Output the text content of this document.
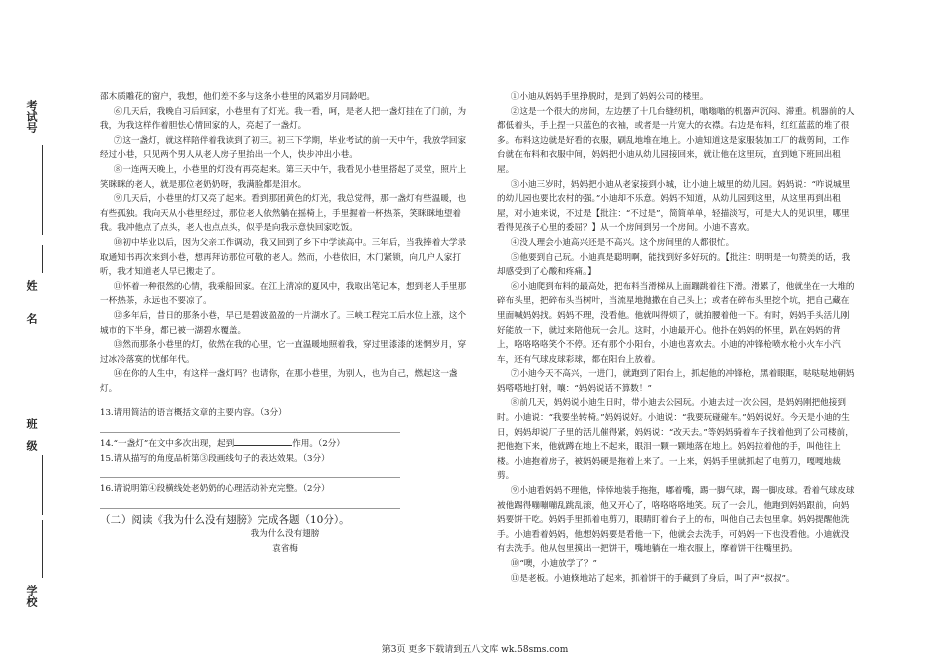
考试号
姓　　名
班　级
学校

邵木质雕花的窗户，我想，他们差不多与这条小巷里的风霜岁月同龄吧。

⑥几天后，我晚自习后回家，小巷里有了灯光。我一看，呵，是老人把一盏灯挂在了门前，为我，为我这样作着胆怯心情回家的人，亮起了一盏灯。

⑦这一盏灯，就这样陪伴着我读到了初三。初三下学期，毕业考试的前一天中午，我放学回家经过小巷，只见两个男人从老人房子里抬出一个人，快步冲出小巷。

⑧一连两天晚上，小巷里的灯没有再亮起来。第三天中午，我看见小巷里搭起了灵堂，照片上笑眯眯的老人，就是那位老奶奶呀，我满脸都是泪水。

⑨几天后，小巷里的灯又亮了起来。看到那团黄色的灯光，我总觉得，那一盏灯有些温暖，也有些孤独。我向天从小巷里经过，那位老人依然躺在摇椅上，手里握着一杯热茶，笑眯眯地望着我。我冲他点了点头，老人也点点头，似乎是向我示意快回家吃饭。

⑩初中毕业以后，因为父亲工作调动，我又回到了乡下中学读高中。三年后，当我捧着大学录取通知书再次来到小巷，想再拜访那位可敬的老人。然而，小巷依旧，木门紧锁，向几户人家打听，我才知道老人早已搬走了。

⑪怀着一种很然的心情，我乘船回家。在江上清凉的夏风中，我取出笔记本，想到老人手里那一杯热茶，永远也不要凉了。

⑫多年后，昔日的那条小巷，早已是碧波盈盈的一片湖水了。三峡工程完工后水位上涨，这个城市的下半身，都已被一湖碧水覆盖。

⑬然而那条小巷里的灯，依然在我的心里，它一直温暖地照着我，穿过里漆漆的迷惘岁月，穿过冰冷落寞的忧郁年代。

⑭在你的人生中，有这样一盏灯吗？也请你，在那小巷里，为别人，也为自己，燃起这一盏灯。

13.请用简洁的语言概括文章的主要内容。（3分）

14.“一盏灯”在文中多次出现，起到	作用。（2分）

15.请从描写的角度品析第③段画线句子的表达效果。（3分）

16.请说明第④段横线处老奶奶的心理活动补充完整。（2分）

（二）阅读《我为什么没有翅膀》完成各题（10分）。

我为什么没有翅膀

袁省梅

①小迪从妈妈手里挣脱时，是到了妈妈公司的楼里。

②这是一个很大的房间，左边摆了十几台缝纫机，嗡嗡嗡的机器声沉闷、滞重。机器前的人都低着头，手上捏一只蓝色的衣袖，或者是一片宽大的衣襟。右边是布料，红红蓝蓝的堆了很多。布料这边就是好看的衣服，刷乱地堆在地上。小迪知道这是家服装加工厂的裁剪间，工作台就在布料和衣服中间，妈妈把小迪从幼儿园接回来，就让他在这里玩，直到她下班回出租屋。

③小迪三岁时，妈妈把小迪从老家接到小城，让小迪上城里的幼儿园。妈妈说：“咋说城里的幼儿园也要比农村的强。”小迪却不乐意。妈妈不知道，从幼儿园到这里，从这里再到出租屋，对小迪来说，不过是【批注：“不过是”，简简单单，轻描淡写，可是大人的见识里，哪里看得见孩子心里的委屈？】从一个房间到另一个房间。小迪不喜欢。

④没人理会小迪高兴还是不高兴。这个房间里的人都很忙。

⑤他要到自己玩。小迪真是聪明啊，能找到好多好玩的。【批注：明明是一句赞美的话，我却感受到了心酸和疼痛。】

⑥小迪爬到布料的最高处，把布料当滑梯从上面蹦跳着往下滑。滑累了，他就坐在一大堆的碎布头里，把碎布头当树叶，当流星地抛撒在自己头上；或者在碎布头里挖个坑，把自己藏在里面喊妈妈找。妈妈不理，没看他。他就叫得烦了，就拍腰着他一下。有时，妈妈手头活儿刚好能放一下，就过来陪他玩一会儿。这时，小迪最开心。他扑在妈妈的怀里，趴在妈妈的背上，咯咯咯咯笑个不停。还有那个小阳台，小迪也喜欢去。小迪的冲锋枪喷水枪小火车小汽车，还有气球皮球彩球，都在阳台上放着。

⑦小迪今天不高兴，一进门，就跑到了阳台上，抓起他的冲锋枪，黑着眼眶，哒哒哒地朝妈妈嗒嗒地打射，嚷：“妈妈说话不算数！”

⑧前几天，妈妈说小迪生日时，带小迪去公园玩。小迪去过一次公园，是妈妈刚把他接到时。小迪说：“我要坐转椅。”妈妈说好。小迪说：“我要玩碰碰车。”妈妈说好。今天是小迪的生日，妈妈却说厂子里的活儿催得紧，妈妈说：“改天去。”等妈妈骑着车子找着他到了公司楼前，把他抱下来，他就蹲在地上不起来，眼泪一颗一颗地落在地上。妈妈拉着他的手，叫他往上楼。小迪抱着房子，被妈妈硬是拖着上来了。一上来，妈妈手里就抓起了电剪刀，嘎嘎地裁剪。

⑨小迪看妈妈不理他，悻悻地装手拖拖，嘟着嘴，踢一脚气球，踢一脚皮球。看着气球皮球被他踢得嘣嘣嘣乱跳乱滚，他又开心了，咯咯咯咯地笑。玩了一会儿，他跑到妈妈跟前，向妈妈要饼干吃。妈妈手里抓着电剪刀，眼睛盯着台子上的布，叫他自己去包里拿。妈妈提醒他洗手。小迪看着妈妈，他想妈妈要是看他一下，他就会去洗手，可妈妈一下也没看他。小迪就没有去洗手。他从包里摸出一把饼干，嘴地躺在一堆衣服上，摩着饼干往嘴里扔。

⑩“噢，小迪放学了？”

⑪是老板。小迪倏地站了起来，抓着饼干的手藏到了身后，叫了声“叔叔”。

第3页 更多下载请到五八文库 wk.58sms.com
